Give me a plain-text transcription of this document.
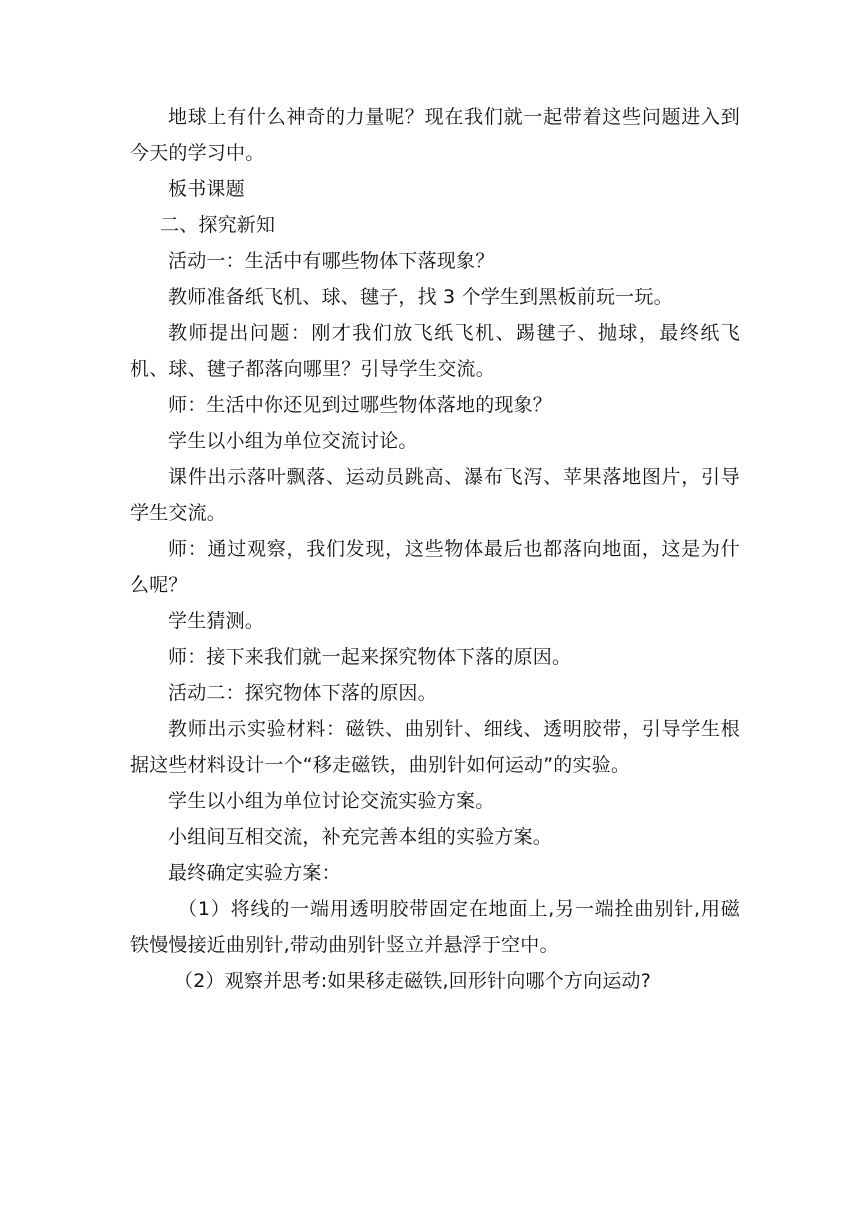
地球上有什么神奇的力量呢？现在我们就一起带着这些问题进入到今天的学习中。

板书课题

二、探究新知

活动一：生活中有哪些物体下落现象？

教师准备纸飞机、球、毽子，找 3 个学生到黑板前玩一玩。

教师提出问题：刚才我们放飞纸飞机、踢毽子、抛球，最终纸飞机、球、毽子都落向哪里？引导学生交流。

师：生活中你还见到过哪些物体落地的现象？

学生以小组为单位交流讨论。

课件出示落叶飘落、运动员跳高、瀑布飞泻、苹果落地图片，引导学生交流。

师：通过观察，我们发现，这些物体最后也都落向地面，这是为什么呢？

学生猜测。

师：接下来我们就一起来探究物体下落的原因。

活动二：探究物体下落的原因。

教师出示实验材料：磁铁、曲别针、细线、透明胶带，引导学生根据这些材料设计一个“移走磁铁，曲别针如何运动”的实验。

学生以小组为单位讨论交流实验方案。

小组间互相交流，补充完善本组的实验方案。

最终确定实验方案：

（1）将线的一端用透明胶带固定在地面上,另一端拴曲别针,用磁铁慢慢接近曲别针,带动曲别针竖立并悬浮于空中。

（2）观察并思考:如果移走磁铁,回形针向哪个方向运动?
